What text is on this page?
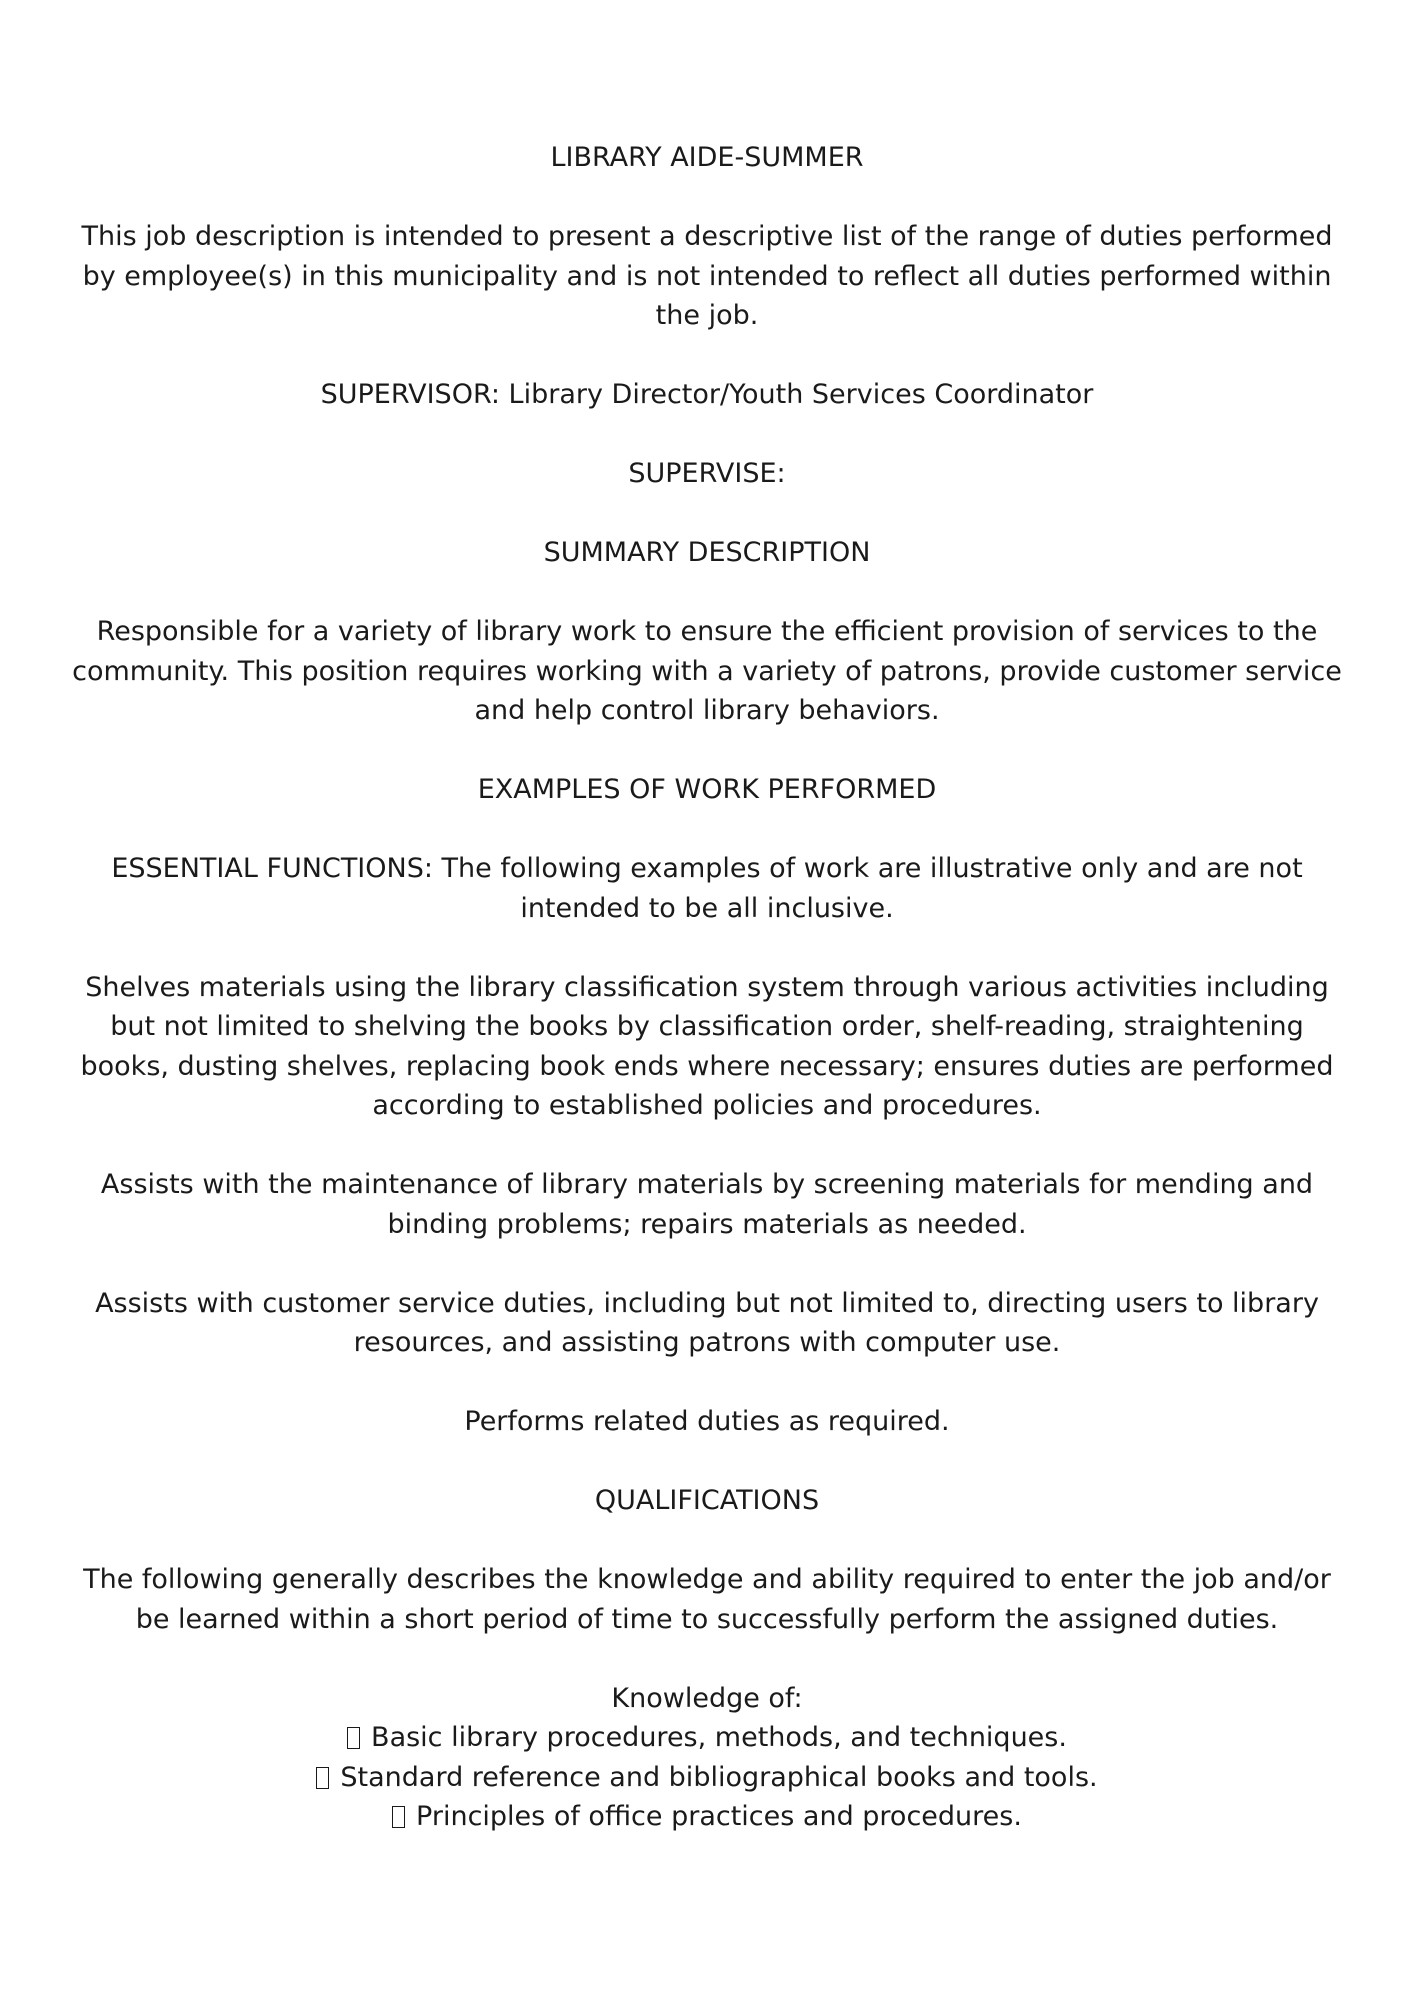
LIBRARY AIDE-SUMMER
This job description is intended to present a descriptive list of the range of duties performed by employee(s) in this municipality and is not intended to reflect all duties performed within the job.
SUPERVISOR: Library Director/Youth Services Coordinator
SUPERVISE:
SUMMARY DESCRIPTION
Responsible for a variety of library work to ensure the efficient provision of services to the community. This position requires working with a variety of patrons, provide customer service and help control library behaviors.
EXAMPLES OF WORK PERFORMED
ESSENTIAL FUNCTIONS: The following examples of work are illustrative only and are not intended to be all inclusive.
Shelves materials using the library classification system through various activities including but not limited to shelving the books by classification order, shelf-reading, straightening books, dusting shelves, replacing book ends where necessary; ensures duties are performed according to established policies and procedures.
Assists with the maintenance of library materials by screening materials for mending and binding problems; repairs materials as needed.
Assists with customer service duties, including but not limited to, directing users to library resources, and assisting patrons with computer use.
Performs related duties as required.
QUALIFICATIONS
The following generally describes the knowledge and ability required to enter the job and/or be learned within a short period of time to successfully perform the assigned duties.
Knowledge of:
Basic library procedures, methods, and techniques.
Standard reference and bibliographical books and tools.
Principles of office practices and procedures.
